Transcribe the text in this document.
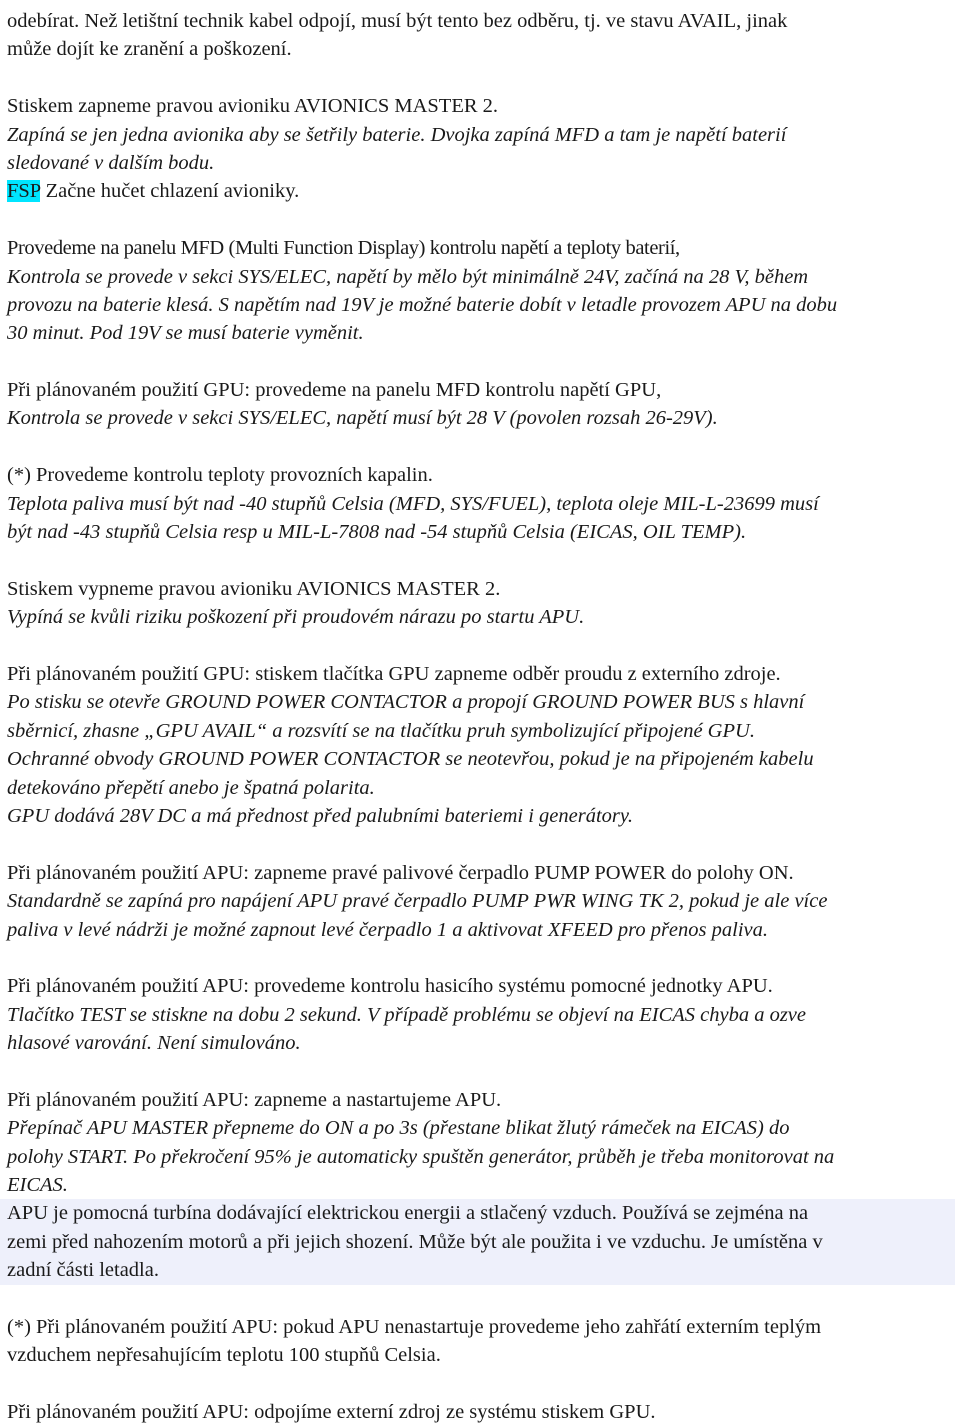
odebírat. Než letištní technik kabel odpojí, musí být tento bez odběru, tj. ve stavu AVAIL, jinak
může dojít ke zranění a poškození.
Stiskem zapneme pravou avioniku AVIONICS MASTER 2.
Zapíná se jen jedna avionika aby se šetřily baterie. Dvojka zapíná MFD a tam je napětí baterií
sledované v dalším bodu.
FSP Začne hučet chlazení avioniky.
Provedeme na panelu MFD (Multi Function Display) kontrolu napětí a teploty baterií,
Kontrola se provede v sekci SYS/ELEC, napětí by mělo být minimálně 24V, začíná na 28 V, během
provozu na baterie klesá. S napětím nad 19V je možné baterie dobít v letadle provozem APU na dobu
30 minut. Pod 19V se musí baterie vyměnit.
Při plánovaném použití GPU: provedeme na panelu MFD kontrolu napětí GPU,
Kontrola se provede v sekci SYS/ELEC, napětí musí být 28 V (povolen rozsah 26-29V).
(*) Provedeme kontrolu teploty provozních kapalin.
Teplota paliva musí být nad -40 stupňů Celsia (MFD, SYS/FUEL), teplota oleje MIL-L-23699 musí
být nad -43 stupňů Celsia resp u MIL-L-7808 nad -54 stupňů Celsia (EICAS, OIL TEMP).
Stiskem vypneme pravou avioniku AVIONICS MASTER 2.
Vypíná se kvůli riziku poškození při proudovém nárazu po startu APU.
Při plánovaném použití GPU: stiskem tlačítka GPU zapneme odběr proudu z externího zdroje.
Po stisku se otevře GROUND POWER CONTACTOR a propojí GROUND POWER BUS s hlavní
sběrnicí, zhasne „GPU AVAIL“ a rozsvítí se na tlačítku pruh symbolizující připojené GPU.
Ochranné obvody GROUND POWER CONTACTOR se neotevřou, pokud je na připojeném kabelu
detekováno přepětí anebo je špatná polarita.
GPU dodává 28V DC a má přednost před palubními bateriemi i generátory.
Při plánovaném použití APU: zapneme pravé palivové čerpadlo PUMP POWER do polohy ON.
Standardně se zapíná pro napájení APU pravé čerpadlo PUMP PWR WING TK 2, pokud je ale více
paliva v levé nádrži je možné zapnout levé čerpadlo 1 a aktivovat XFEED pro přenos paliva.
Při plánovaném použití APU: provedeme kontrolu hasicího systému pomocné jednotky APU.
Tlačítko TEST se stiskne na dobu 2 sekund. V případě problému se objeví na EICAS chyba a ozve
hlasové varování. Není simulováno.
Při plánovaném použití APU: zapneme a nastartujeme APU.
Přepínač APU MASTER přepneme do ON a po 3s (přestane blikat žlutý rámeček na EICAS) do
polohy START. Po překročení 95% je automaticky spuštěn generátor, průběh je třeba monitorovat na
EICAS.
APU je pomocná turbína dodávající elektrickou energii a stlačený vzduch. Používá se zejména na
zemi před nahozením motorů a při jejich shození. Může být ale použita i ve vzduchu. Je umístěna v
zadní části letadla.
(*) Při plánovaném použití APU: pokud APU nenastartuje provedeme jeho zahřátí externím teplým
vzduchem nepřesahujícím teplotu 100 stupňů Celsia.
Při plánovaném použití APU: odpojíme externí zdroj ze systému stiskem GPU.
